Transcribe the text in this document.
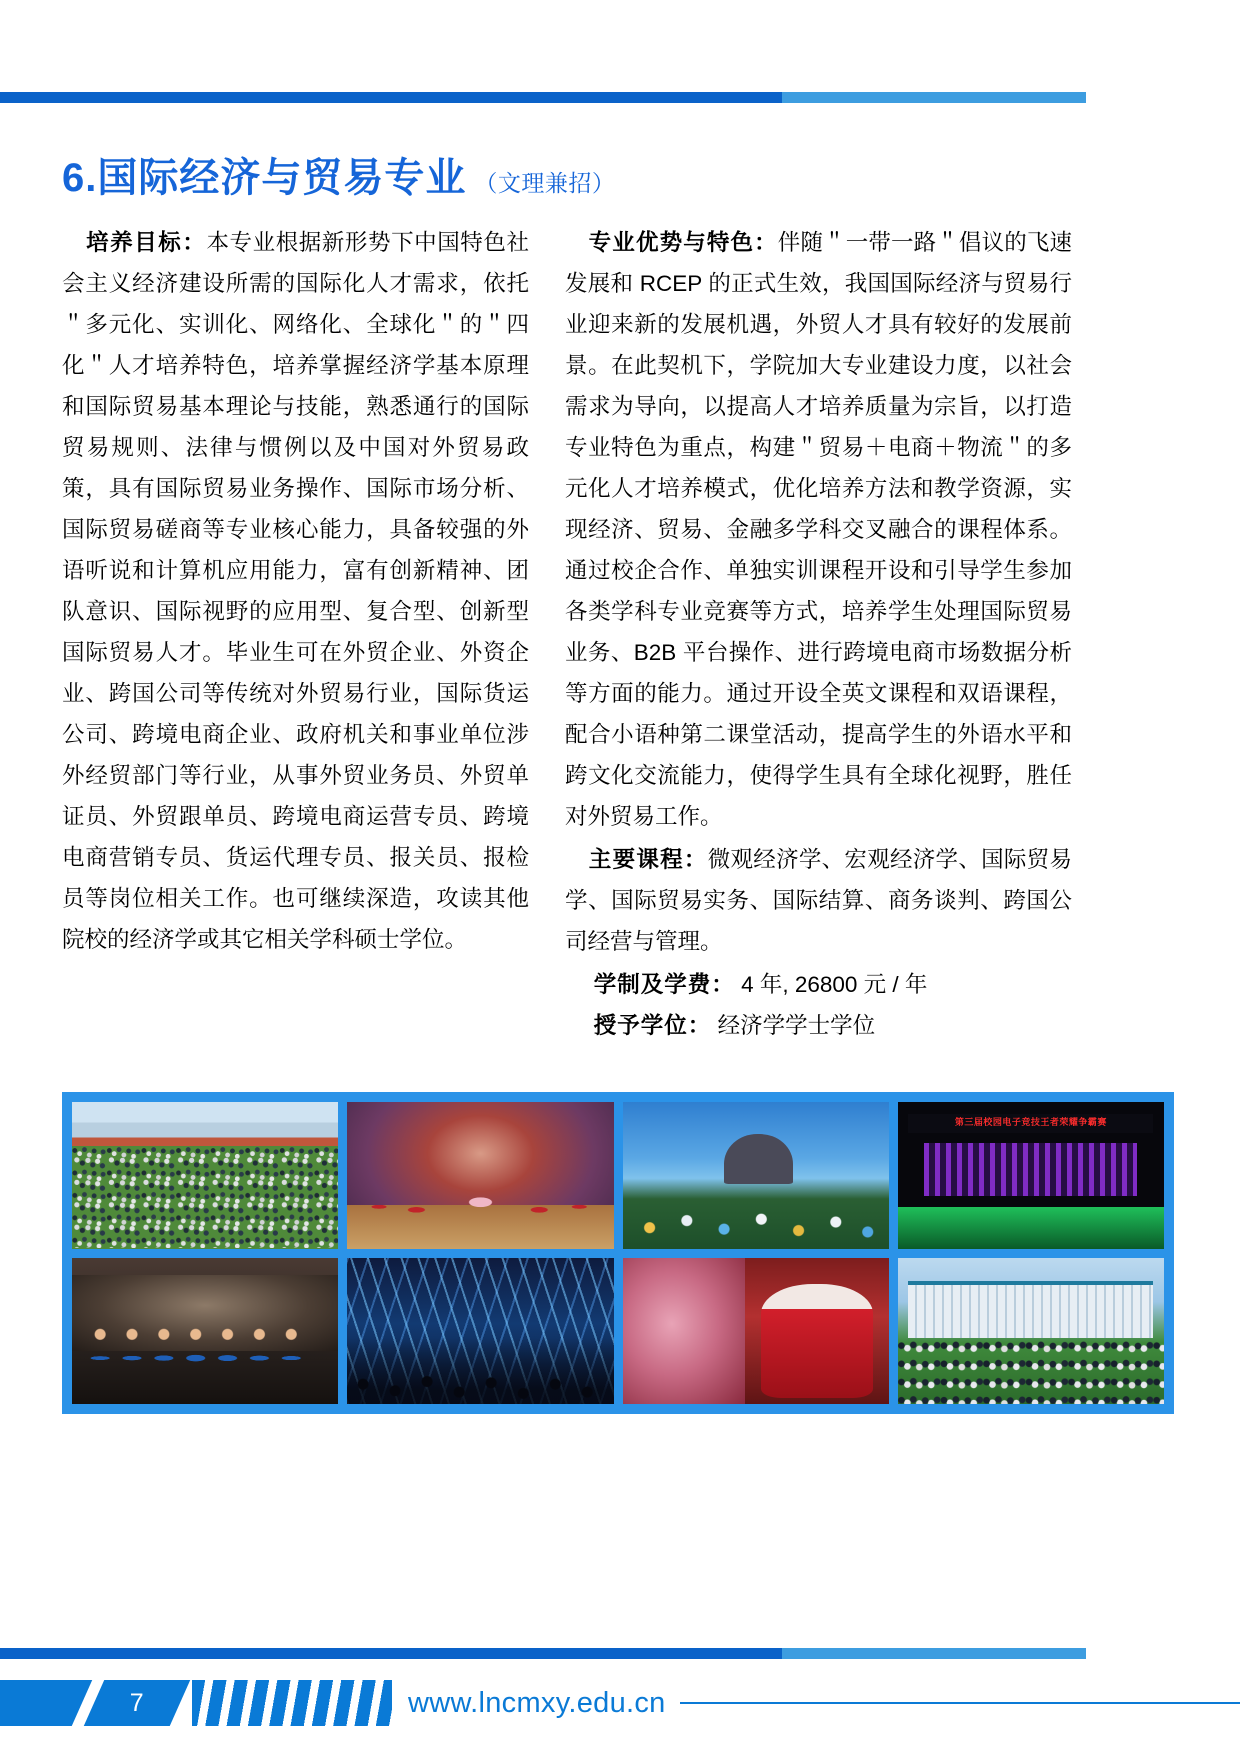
6.国际经济与贸易专业 （文理兼招）

培养目标：本专业根据新形势下中国特色社会主义经济建设所需的国际化人才需求，依托＂多元化、实训化、网络化、全球化＂的＂四化＂人才培养特色，培养掌握经济学基本原理和国际贸易基本理论与技能，熟悉通行的国际贸易规则、法律与惯例以及中国对外贸易政策，具有国际贸易业务操作、国际市场分析、国际贸易磋商等专业核心能力，具备较强的外语听说和计算机应用能力，富有创新精神、团队意识、国际视野的应用型、复合型、创新型国际贸易人才。毕业生可在外贸企业、外资企业、跨国公司等传统对外贸易行业，国际货运公司、跨境电商企业、政府机关和事业单位涉外经贸部门等行业，从事外贸业务员、外贸单证员、外贸跟单员、跨境电商运营专员、跨境电商营销专员、货运代理专员、报关员、报检员等岗位相关工作。也可继续深造，攻读其他院校的经济学或其它相关学科硕士学位。

专业优势与特色：伴随＂一带一路＂倡议的飞速发展和 RCEP 的正式生效，我国国际经济与贸易行业迎来新的发展机遇，外贸人才具有较好的发展前景。在此契机下，学院加大专业建设力度，以社会需求为导向，以提高人才培养质量为宗旨，以打造专业特色为重点，构建＂贸易＋电商＋物流＂的多元化人才培养模式，优化培养方法和教学资源，实现经济、贸易、金融多学科交叉融合的课程体系。通过校企合作、单独实训课程开设和引导学生参加各类学科专业竞赛等方式，培养学生处理国际贸易业务、B2B 平台操作、进行跨境电商市场数据分析等方面的能力。通过开设全英文课程和双语课程，配合小语种第二课堂活动，提高学生的外语水平和跨文化交流能力，使得学生具有全球化视野，胜任对外贸易工作。

主要课程：微观经济学、宏观经济学、国际贸易学、国际贸易实务、国际结算、商务谈判、跨国公司经营与管理。

学制及学费： 4 年, 26800 元 / 年
授予学位： 经济学学士学位
第三届校园电子竞技王者荣耀争霸赛
7	www.lncmxy.edu.cn
